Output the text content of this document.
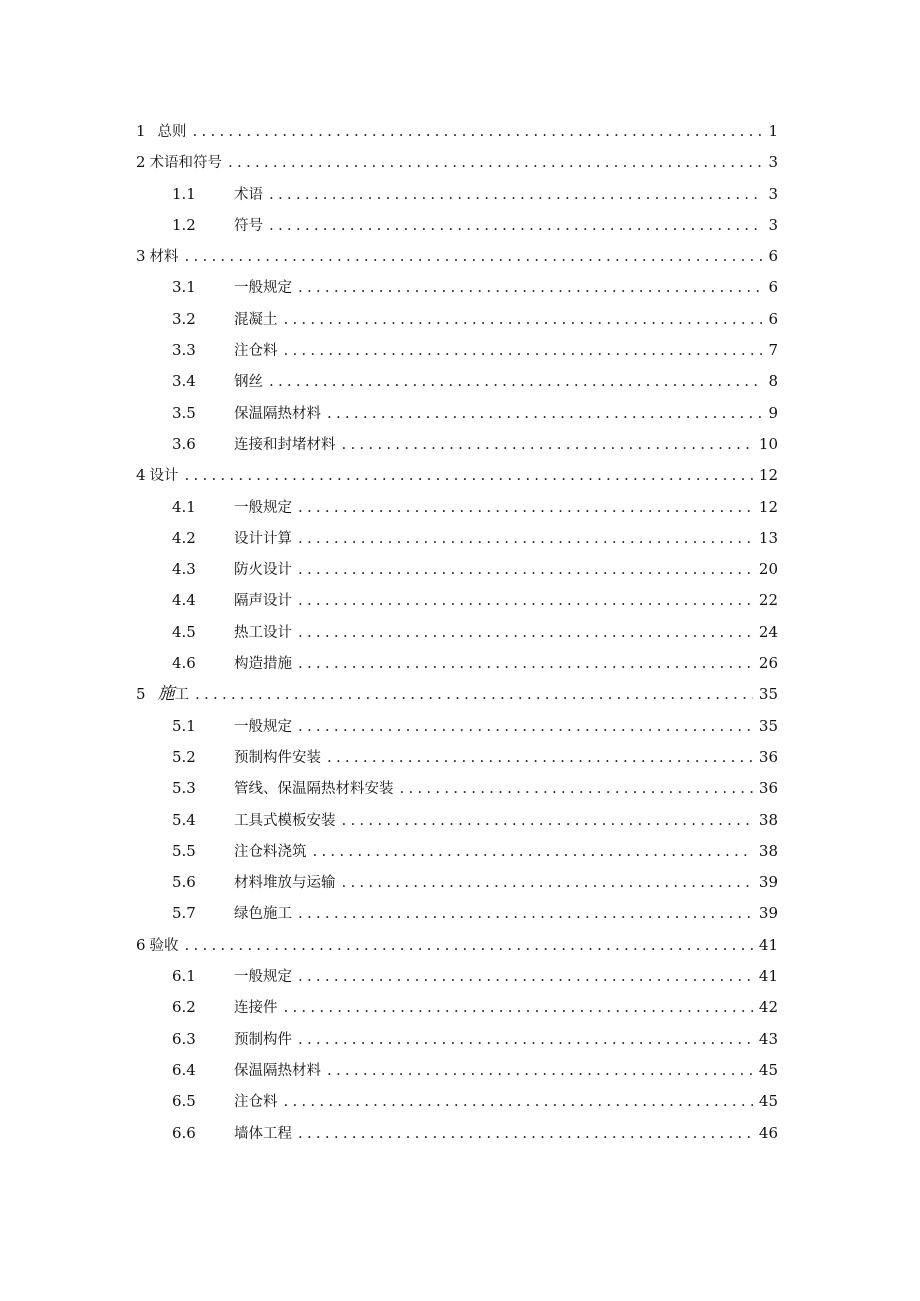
1 总则 .....	1
2 术语和符号 .....	3
1.1	术语 .....	3
1.2	符号 .....	3
3 材料 .....	6
3.1	一般规定 .....	6
3.2	混凝土 .....	6
3.3	注仓料 .....	7
3.4	钢丝 .....	8
3.5	保温隔热材料 .....	9
3.6	连接和封堵材料 .....	10
4 设计 .....	12
4.1	一般规定 .....	12
4.2	设计计算 .....	13
4.3	防火设计 .....	20
4.4	隔声设计 .....	22
4.5	热工设计 .....	24
4.6	构造措施 .....	26
5 施工 .....	35
5.1	一般规定 .....	35
5.2	预制构件安装 .....	36
5.3	管线、保温隔热材料安装 .....	36
5.4	工具式模板安装 .....	38
5.5	注仓料浇筑 .....	38
5.6	材料堆放与运输 .....	39
5.7	绿色施工 .....	39
6 验收 .....	41
6.1	一般规定 .....	41
6.2	连接件 .....	42
6.3	预制构件 .....	43
6.4	保温隔热材料 .....	45
6.5	注仓料 .....	45
6.6	墙体工程 .....	46
